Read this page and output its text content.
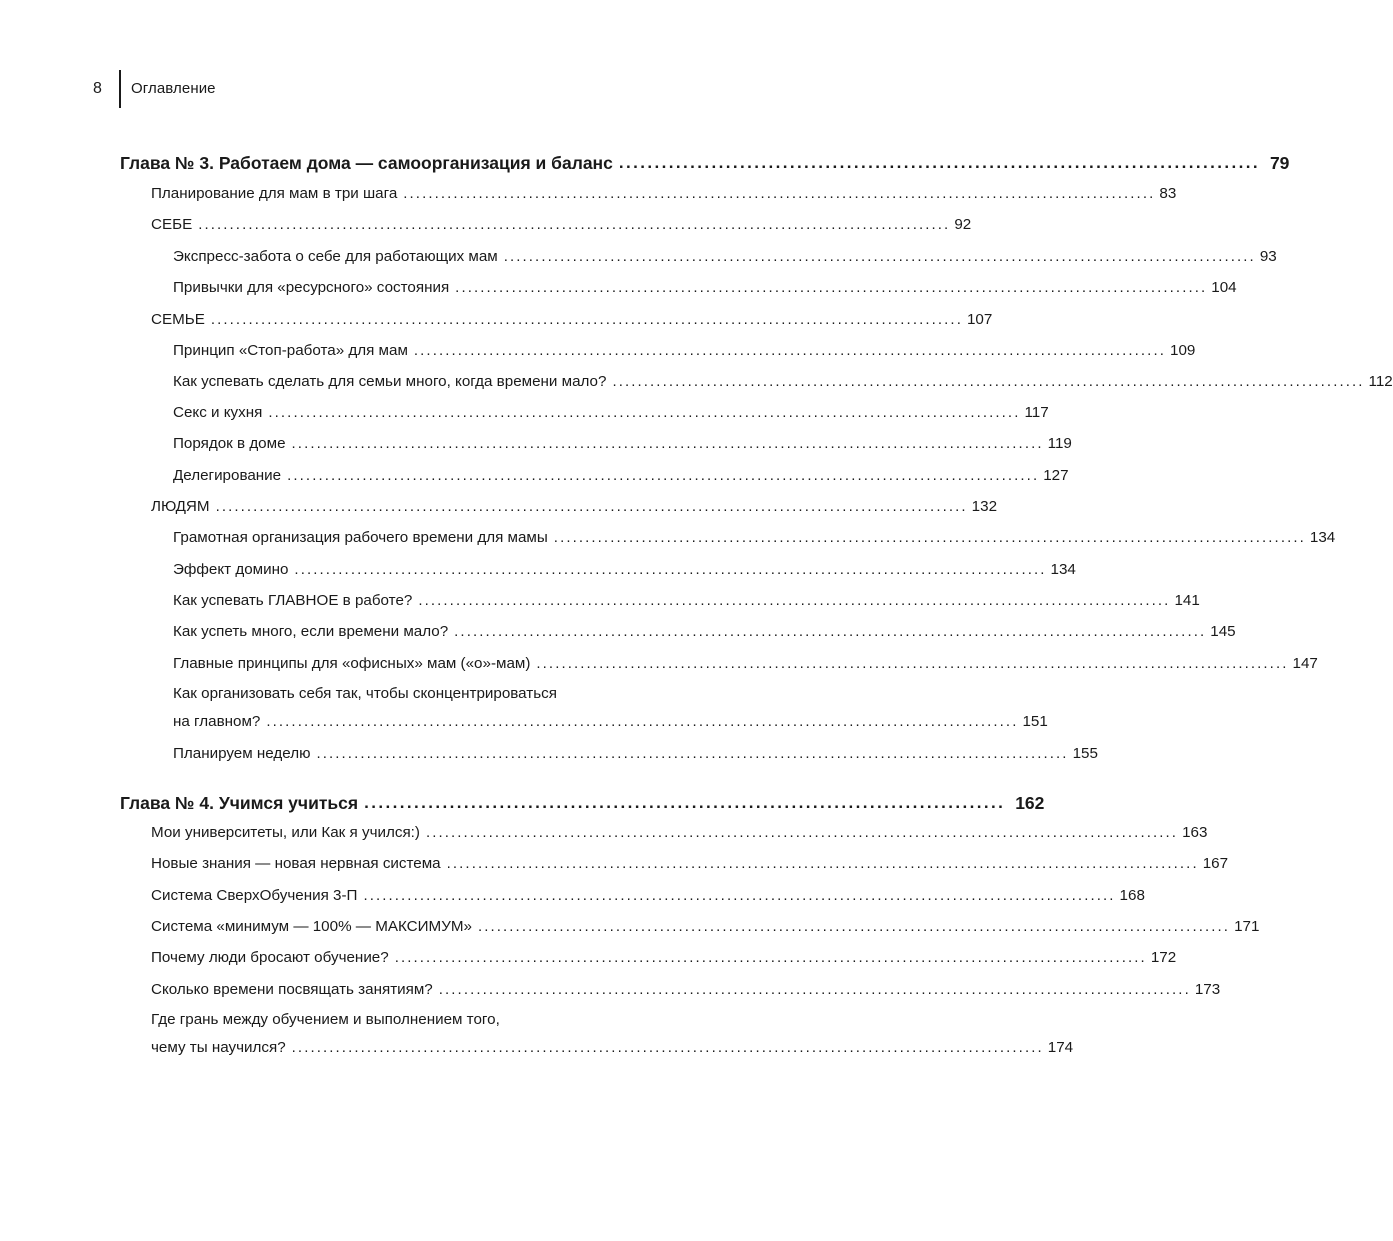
8 Оглавление
Глава № 3. Работаем дома — самоорганизация и баланс .......................................................................................... 79
Планирование для мам в три шага ........................................................................................................................ 83
СЕБЕ ........................................................................................................................ 92
Экспресс-забота о себе для работающих мам ........................................................................................................................ 93
Привычки для «ресурсного» состояния ........................................................................................................................ 104
СЕМЬЕ ........................................................................................................................ 107
Принцип «Стоп-работа» для мам ........................................................................................................................ 109
Как успевать сделать для семьи много, когда времени мало? ........................................................................................................................ 112
Секс и кухня ........................................................................................................................ 117
Порядок в доме ........................................................................................................................ 119
Делегирование ........................................................................................................................ 127
ЛЮДЯМ ........................................................................................................................ 132
Грамотная организация рабочего времени для мамы ........................................................................................................................ 134
Эффект домино ........................................................................................................................ 134
Как успевать ГЛАВНОЕ в работе? ........................................................................................................................ 141
Как успеть много, если времени мало? ........................................................................................................................ 145
Главные принципы для «офисных» мам («о»-мам) ........................................................................................................................ 147
Как организовать себя так, чтобы сконцентрироваться
на главном? ........................................................................................................................ 151
Планируем неделю ........................................................................................................................ 155
Глава № 4. Учимся учиться .......................................................................................... 162
Мои университеты, или Как я учился:) ........................................................................................................................ 163
Новые знания — новая нервная система ........................................................................................................................ 167
Система СверхОбучения 3-П ........................................................................................................................ 168
Система «минимум — 100% — МАКСИМУМ» ........................................................................................................................ 171
Почему люди бросают обучение? ........................................................................................................................ 172
Сколько времени посвящать занятиям? ........................................................................................................................ 173
Где грань между обучением и выполнением того,
чему ты научился? ........................................................................................................................ 174
